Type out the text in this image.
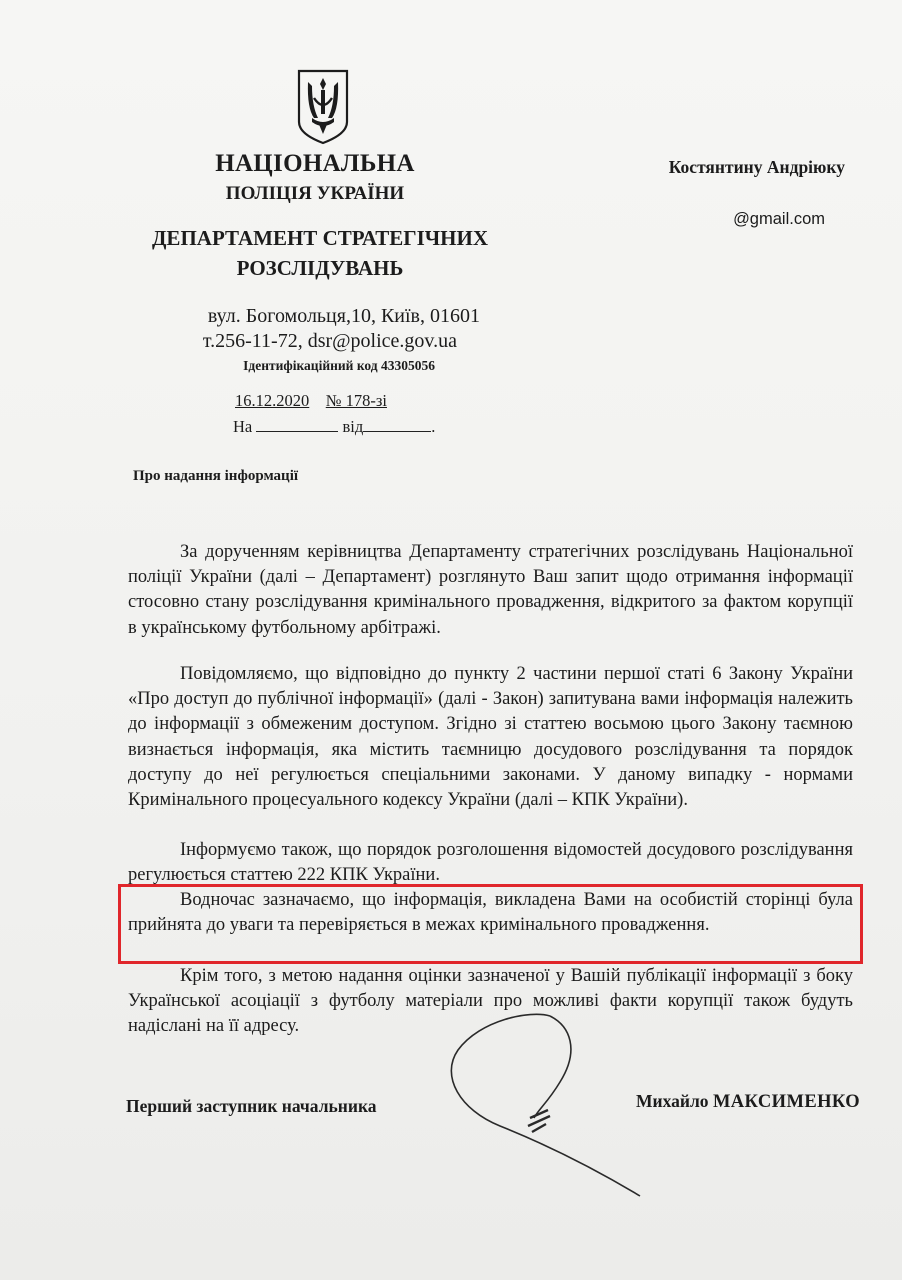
НАЦІОНАЛЬНА
ПОЛІЦІЯ УКРАЇНИ
ДЕПАРТАМЕНТ СТРАТЕГІЧНИХ
РОЗСЛІДУВАНЬ
вул. Богомольця,10, Київ, 01601
т.256-11-72, dsr@police.gov.ua
Ідентифікаційний код 43305056
16.12.2020 № 178-зі
На	від	.
Костянтину Андріюку
@gmail.com
Про надання інформації

За дорученням керівництва Департаменту стратегічних розслідувань Національної поліції України (далі – Департамент) розглянуто Ваш запит щодо отримання інформації стосовно стану розслідування кримінального провадження, відкритого за фактом корупції в українському футбольному арбітражі.

Повідомляємо, що відповідно до пункту 2 частини першої статі 6 Закону України «Про доступ до публічної інформації» (далі - Закон) запитувана вами інформація належить до інформації з обмеженим доступом. Згідно зі статтею восьмою цього Закону таємною визнається інформація, яка містить таємницю досудового розслідування та порядок доступу до неї регулюється спеціальними законами. У даному випадку - нормами Кримінального процесуального кодексу України (далі – КПК України).

Інформуємо також, що порядок розголошення відомостей досудового розслідування регулюється статтею 222 КПК України.

Водночас зазначаємо, що інформація, викладена Вами на особистій сторінці була прийнята до уваги та перевіряється в межах кримінального провадження.

Крім того, з метою надання оцінки зазначеної у Вашій публікації інформації з боку Української асоціації з футболу матеріали про можливі факти корупції також будуть надіслані на її адресу.

Перший заступник начальника	Михайло МАКСИМЕНКО
